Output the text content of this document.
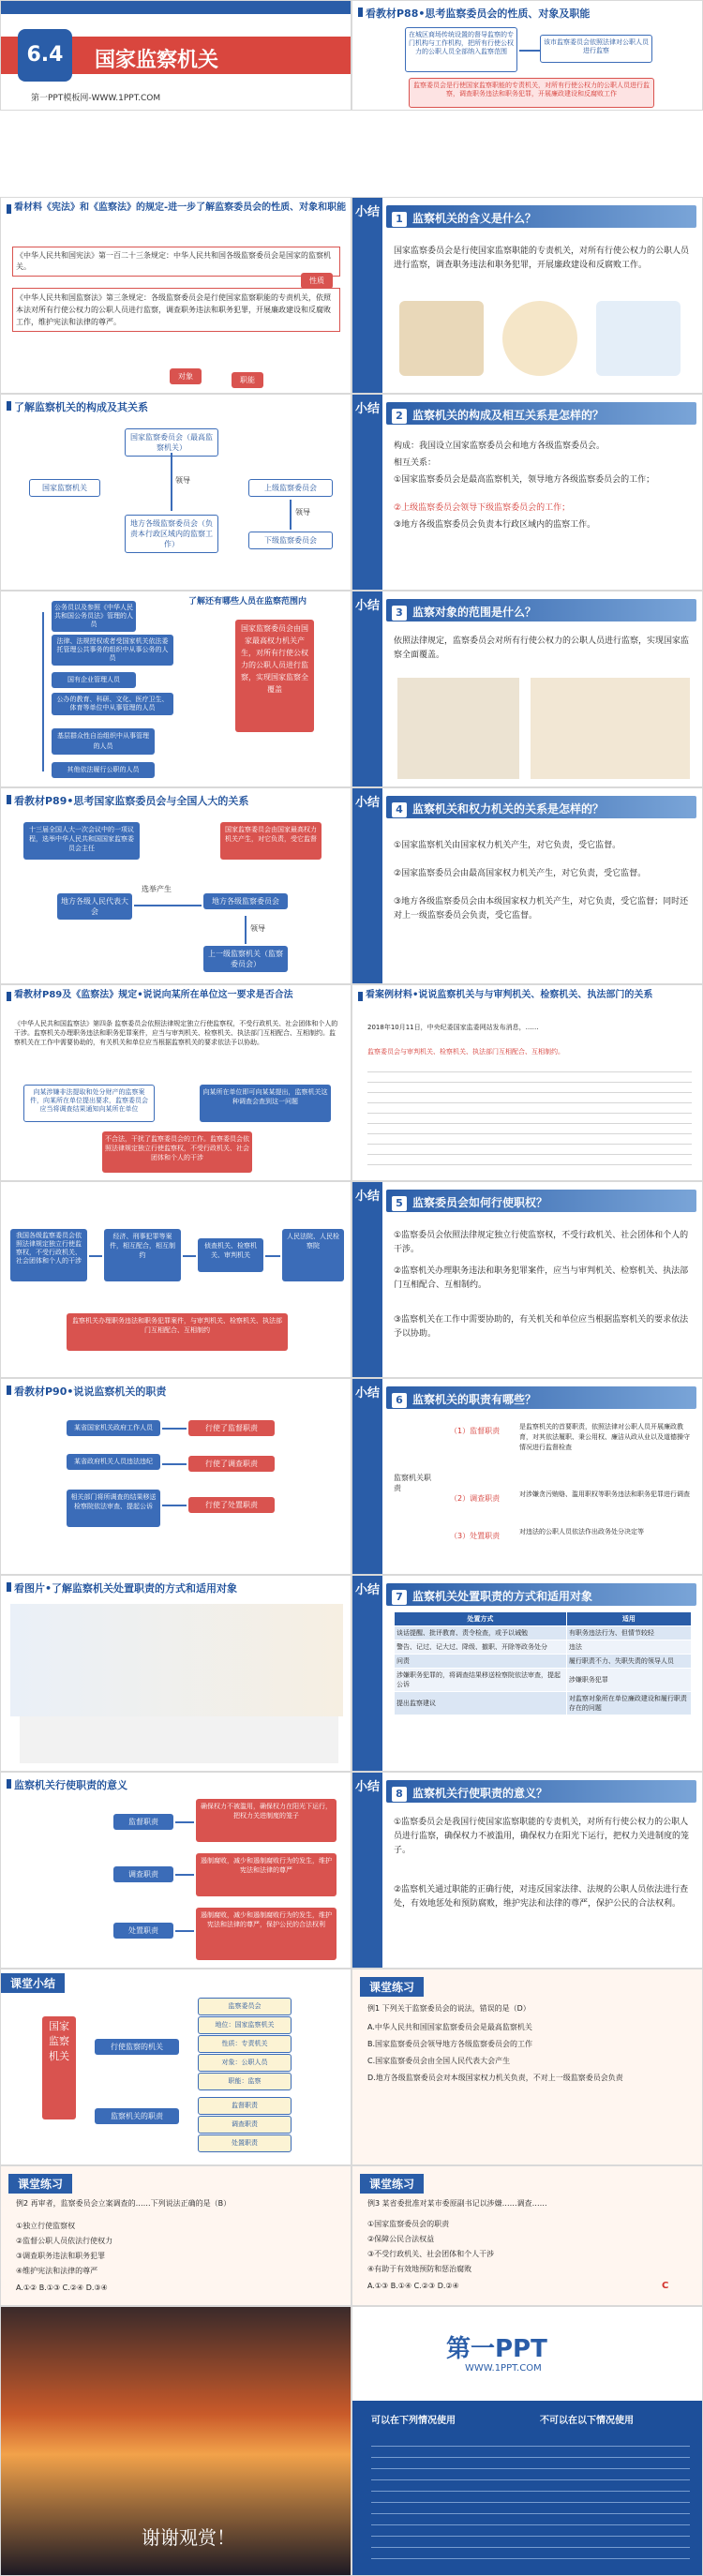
6.4	国家监察机关
第一PPT模板网-WWW.1PPT.COM
看教材P88•思考监察委员会的性质、对象及职能
在城区商场传统设置的督导监察的专门机构与工作机构，把所有行使公权力的公职人员全部纳入监察范围
该市监察委员会依照法律对公职人员进行监察
监察委员会是行使国家监察职能的专责机关，对所有行使公权力的公职人员进行监察，调查职务违法和职务犯罪，开展廉政建设和反腐败工作
看材料《宪法》和《监察法》的规定-进一步了解监察委员会的性质、对象和职能
《中华人民共和国宪法》第一百二十三条规定：中华人民共和国各级监察委员会是国家的监察机关。
《中华人民共和国监察法》第三条规定：各级监察委员会是行使国家监察职能的专责机关，依照本法对所有行使公权力的公职人员进行监察，调查职务违法和职务犯罪，开展廉政建设和反腐败工作，维护宪法和法律的尊严。
性质
对象	职能
小结	1 监察机关的含义是什么？
国家监察委员会是行使国家监察职能的专责机关，对所有行使公权力的公职人员进行监察，调查职务违法和职务犯罪，开展廉政建设和反腐败工作。
了解监察机关的构成及其关系
国家监察委员会（最高监察机关）
国家监察机关
地方各级监察委员会（负责本行政区域内的监察工作）
上级监察委员会
下级监察委员会
领导
领导
小结	2 监察机关的构成及相互关系是怎样的？
构成：我国设立国家监察委员会和地方各级监察委员会。
相互关系：
①国家监察委员会是最高监察机关，领导地方各级监察委员会的工作；
②上级监察委员会领导下级监察委员会的工作；
③地方各级监察委员会负责本行政区域内的监察工作。
了解还有哪些人员在监察范围内
公务员以及参照《中华人民共和国公务员法》管理的人员
法律、法规授权或者受国家机关依法委托管理公共事务的组织中从事公务的人员
国有企业管理人员
公办的教育、科研、文化、医疗卫生、体育等单位中从事管理的人员
基层群众性自治组织中从事管理的人员
其他依法履行公职的人员
国家监察委员会由国家最高权力机关产生，对所有行使公权力的公职人员进行监察，实现国家监察全覆盖
小结	3 监察对象的范围是什么？
依照法律规定，监察委员会对所有行使公权力的公职人员进行监察，实现国家监察全面覆盖。
看教材P89•思考国家监察委员会与全国人大的关系
十三届全国人大一次会议中的一项议程，选举中华人民共和国国家监察委员会主任
国家监察委员会由国家最高权力机关产生，对它负责，受它监督
地方各级人民代表大会
地方各级监察委员会
上一级监察机关（监察委员会）
选举产生
领导
小结	4 监察机关和权力机关的关系是怎样的？
①国家监察机关由国家权力机关产生，对它负责，受它监督。
②国家监察委员会由最高国家权力机关产生，对它负责，受它监督。
③地方各级监察委员会由本级国家权力机关产生，对它负责，受它监督；同时还对上一级监察委员会负责，受它监督。
看教材P89及《监察法》规定•说说向某所在单位这一要求是否合法
《中华人民共和国监察法》第四条 监察委员会依照法律规定独立行使监察权，不受行政机关、社会团体和个人的干涉。监察机关办理职务违法和职务犯罪案件，应当与审判机关、检察机关、执法部门互相配合、互相制约。监察机关在工作中需要协助的，有关机关和单位应当根据监察机关的要求依法予以协助。
向某涉嫌非法提取和处分财产的监察案件，向某所在单位提出要求，监察委员会应当将调查结果通知向某所在单位
向某所在单位即可向某某提出，监察机关这种调查会查到这一问题
不合法，干扰了监察委员会的工作。监察委员会依照法律规定独立行使监察权，不受行政机关、社会团体和个人的干涉
看案例材料•说说监察机关与与审判机关、检察机关、执法部门的关系
2018年10月11日，中央纪委国家监委网站发布消息，……
监察委员会与审判机关、检察机关、执法部门互相配合、互相制约。
我国各级监察委员会依照法律规定独立行使监察权，不受行政机关、社会团体和个人的干涉
经济、刑事犯罪等案件，相互配合，相互制约
侦查机关、检察机关、审判机关
人民法院、人民检察院
监察机关办理职务违法和职务犯罪案件，与审判机关、检察机关、执法部门互相配合、互相制约
小结	5 监察委员会如何行使职权？
①监察委员会依照法律规定独立行使监察权，不受行政机关、社会团体和个人的干涉。
②监察机关办理职务违法和职务犯罪案件，应当与审判机关、检察机关、执法部门互相配合、互相制约。
③监察机关在工作中需要协助的，有关机关和单位应当根据监察机关的要求依法予以协助。
看教材P90•说说监察机关的职责
某省国家机关政府工作人员
某省政府机关人员违法违纪
相关部门将所调查的结果移送检察院依法审查、提起公诉
行使了监督职责
行使了调查职责
行使了处置职责
小结	6 监察机关的职责有哪些？
监察机关职责
（1）监督职责	是监察机关的首要职责，依照法律对公职人员开展廉政教育，对其依法履职、秉公用权、廉洁从政从业以及道德操守情况进行监督检查
（2）调查职责	对涉嫌贪污贿赂、滥用职权等职务违法和职务犯罪进行调查
（3）处置职责	对违法的公职人员依法作出政务处分决定等
看图片•了解监察机关处置职责的方式和适用对象	小结	7 监察机关处置职责的方式和适用对象
处置方式	适用
谈话提醒、批评教育、责令检查，或予以诫勉	有职务违法行为、但情节较轻
警告、记过、记大过、降级、撤职、开除等政务处分	违法
问责	履行职责不力、失职失责的领导人员
涉嫌职务犯罪的，将调查结果移送检察院依法审查，提起公诉	涉嫌职务犯罪
提出监察建议	对监察对象所在单位廉政建设和履行职责存在的问题
监察机关行使职责的意义
监督职责
调查职责
处置职责
确保权力不被滥用，确保权力在阳光下运行，把权力关进制度的笼子
遏制腐败，减少和遏制腐败行为的发生，维护宪法和法律的尊严
遏制腐败，减少和遏制腐败行为的发生，维护宪法和法律的尊严，保护公民的合法权利
小结	8 监察机关行使职责的意义？
①监察委员会是我国行使国家监察职能的专责机关，对所有行使公权力的公职人员进行监察，确保权力不被滥用，确保权力在阳光下运行，把权力关进制度的笼子。
②监察机关通过职能的正确行使，对违反国家法律、法规的公职人员依法进行查处，有效地惩处和预防腐败，维护宪法和法律的尊严，保护公民的合法权利。
课堂小结
国家监察机关
行使监察的机关
监察机关的职责
监察委员会
地位：国家监察机关
性质：专责机关
对象：公职人员
职能：监察
监督职责
调查职责
处置职责
课堂练习
例1 下列关于监察委员会的说法，错误的是（D）
A.中华人民共和国国家监察委员会是最高监察机关
B.国家监察委员会领导地方各级监察委员会的工作
C.国家监察委员会由全国人民代表大会产生
D.地方各级监察委员会对本级国家权力机关负责，不对上一级监察委员会负责
课堂练习
例2 再审者，监察委员会立案调查的……下列说法正确的是（B）
①独立行使监察权
②监督公职人员依法行使权力
③调查职务违法和职务犯罪
④维护宪法和法律的尊严
A.①② B.①③ C.②④ D.③④
课堂练习
例3 某省委批准对某市委原副书记以涉嫌……调查……
①国家监察委员会的职责
②保障公民合法权益
③不受行政机关、社会团体和个人干涉
④有助于有效地预防和惩治腐败
A.①③ B.①④ C.②③ D.②④	C
谢谢观赏！
第一PPT
WWW.1PPT.COM
可以在下列情况使用	不可以在以下情况使用
